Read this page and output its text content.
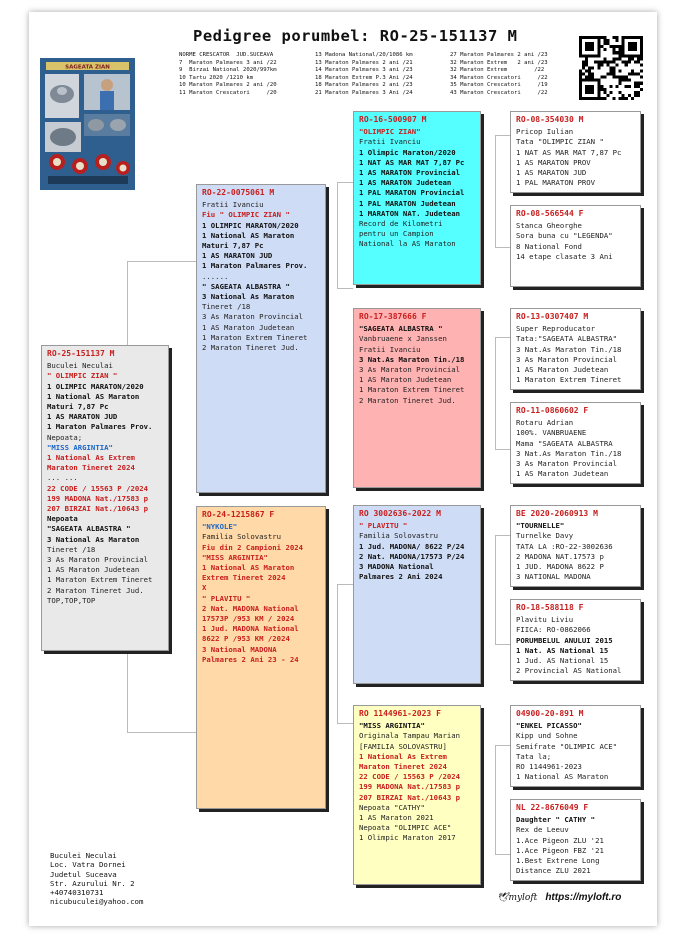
Pedigree porumbel: RO-25-151137 M
NORME CRESCATOR  JUD.SUCEAVA
7  Maraton Palmares 3 ani /22
9  Birzai National 2020/997km
10 Tartu 2020 /1210 km
10 Maraton Palmares 2 ani /20
11 Maraton Crescatori     /20
13 Madona National/20/1086 km
13 Maraton Palmares 2 ani /21
14 Maraton Palmares 3 ani /23
18 Maraton Extrem P.3 Ani /24
18 Maraton Palmares 2 ani /23
21 Maraton Palmares 3 Ani /24
27 Maraton Palmares 2 ani /23
32 Maraton Extrem   2 ani /23
32 Maraton Extrem        /22
34 Maraton Crescatori     /22
35 Maraton Crescatori     /19
43 Maraton Crescatori     /22
SAGEATA ZIAN
RO-25-151137 M
Buculei Neculai
" OLIMPIC ZIAN "
1 OLIMPIC MARATON/2020
1 National AS Maraton
Maturi 7,87 Pc
1 AS MARATON JUD
1 Maraton Palmares Prov.
Nepoata;
"MISS ARGINTIA"
1 National As Extrem
Maraton Tineret 2024
... ...
22 CODE / 15563 P /2024
199 MADONA Nat./17583 p
207 BIRZAI Nat./10643 p
Nepoata
"SAGEATA ALBASTRA "
3 National As Maraton
Tineret /18
3 As Maraton Provincial
1 AS Maraton Judetean
1 Maraton Extrem Tineret
2 Maraton Tineret Jud.
TOP,TOP,TOP
RO-22-0075061 M
Fratii Ivanciu
Fiu " OLIMPIC ZIAN "
1 OLIMPIC MARATON/2020
1 National AS Maraton
Maturi 7,87 Pc
1 AS MARATON JUD
1 Maraton Palmares Prov.
......
" SAGEATA ALBASTRA "
3 National As Maraton
Tineret /18
3 As Maraton Provincial
1 AS Maraton Judetean
1 Maraton Extrem Tineret
2 Maraton Tineret Jud.
RO-24-1215867 F
"NYKOLE"
Familia Solovastru
Fiu din 2 Campioni 2024
"MISS ARGINTIA"
1 National AS Maraton
Extrem Tineret 2024
X
" PLAVITU "
2 Nat. MADONA National
17573P /953 KM / 2024
1 Jud. MADONA National
8622 P /953 KM /2024
3 National MADONA
Palmares 2 Ani 23 - 24
RO-16-500907 M
"OLIMPIC ZIAN"
Fratii Ivanciu
1 Olimpic Maraton/2020
1 NAT AS MAR MAT 7,87 Pc
1 AS MARATON Provincial
1 AS MARATON Judetean
1 PAL MARATON Provincial
1 PAL MARATON Judetean
1 MARATON NAT. Judetean
Record de Kilometri
pentru un Campion
National la AS Maraton
RO-17-387666 F
"SAGEATA ALBASTRA "
Vanbruaene x Janssen
Fratii Ivanciu
3 Nat.As Maraton Tin./18
3 As Maraton Provincial
1 AS Maraton Judetean
1 Maraton Extrem Tineret
2 Maraton Tineret Jud.
RO 3002636-2022 M
" PLAVITU "
Familia Solovastru
1 Jud. MADONA/ 8622 P/24
2 Nat. MADONA/17573 P/24
3 MADONA National
Palmares 2 Ani 2024
RO 1144961-2023 F
"MISS ARGINTIA"
Originala Tampau Marian
[FAMILIA SOLOVASTRU]
1 National As Extrem
Maraton Tineret 2024
22 CODE / 15563 P /2024
199 MADONA Nat./17583 p
207 BIRZAI Nat./10643 p
Nepoata "CATHY"
1 AS Maraton 2021
Nepoata "OLIMPIC ACE"
1 Olimpic Maraton 2017
RO-08-354030 M
Pricop Iulian
Tata "OLIMPIC ZIAN "
1 NAT AS MAR MAT 7,87 Pc
1 AS MARATON PROV
1 AS MARATON JUD
1 PAL MARATON PROV
RO-08-566544 F
Stanca Gheorghe
Sora buna cu "LEGENDA"
8 National Fond
14 etape clasate 3 Ani
RO-13-0307407 M
Super Reproducator
Tata:"SAGEATA ALBASTRA"
3 Nat.As Maraton Tin./18
3 As Maraton Provincial
1 AS Maraton Judetean
1 Maraton Extrem Tineret
RO-11-0860602 F
Rotaru Adrian
100%. VANBRUAENE
Mama "SAGEATA ALBASTRA
3 Nat.As Maraton Tin./18
3 As Maraton Provincial
1 AS Maraton Judetean
BE 2020-2060913 M
"TOURNELLE"
Turnelke Davy
TATA LA :RO-22-3002636
2 MADONA NAT.17573 p
1 JUD. MADONA 8622 P
3 NATIONAL MADONA
RO-18-588118 F
Plavitu Liviu
FIICA: RO-0862066
PORUMBELUL ANULUI 2015
1 Nat. AS National 15
1 Jud. AS National 15
2 Provincial AS National
04900-20-891 M
"ENKEL PICASSO"
Kipp und Sohne
Semifrate "OLIMPIC ACE"
Tata la;
RO 1144961-2023
1 National AS Maraton
NL 22-8676049 F
Daughter " CATHY "
Rex de Leeuv
1.Ace Pigeon ZLU '21
1.Ace Pigeon FBZ '21
1.Best Extrene Long
Distance ZLU 2021
Buculei Neculai
Loc. Vatra Dornei
Judetul Suceava
Str. Azurului Nr. 2
+40740310731
nicubuculei@yahoo.com	🕊myloft https://myloft.ro
